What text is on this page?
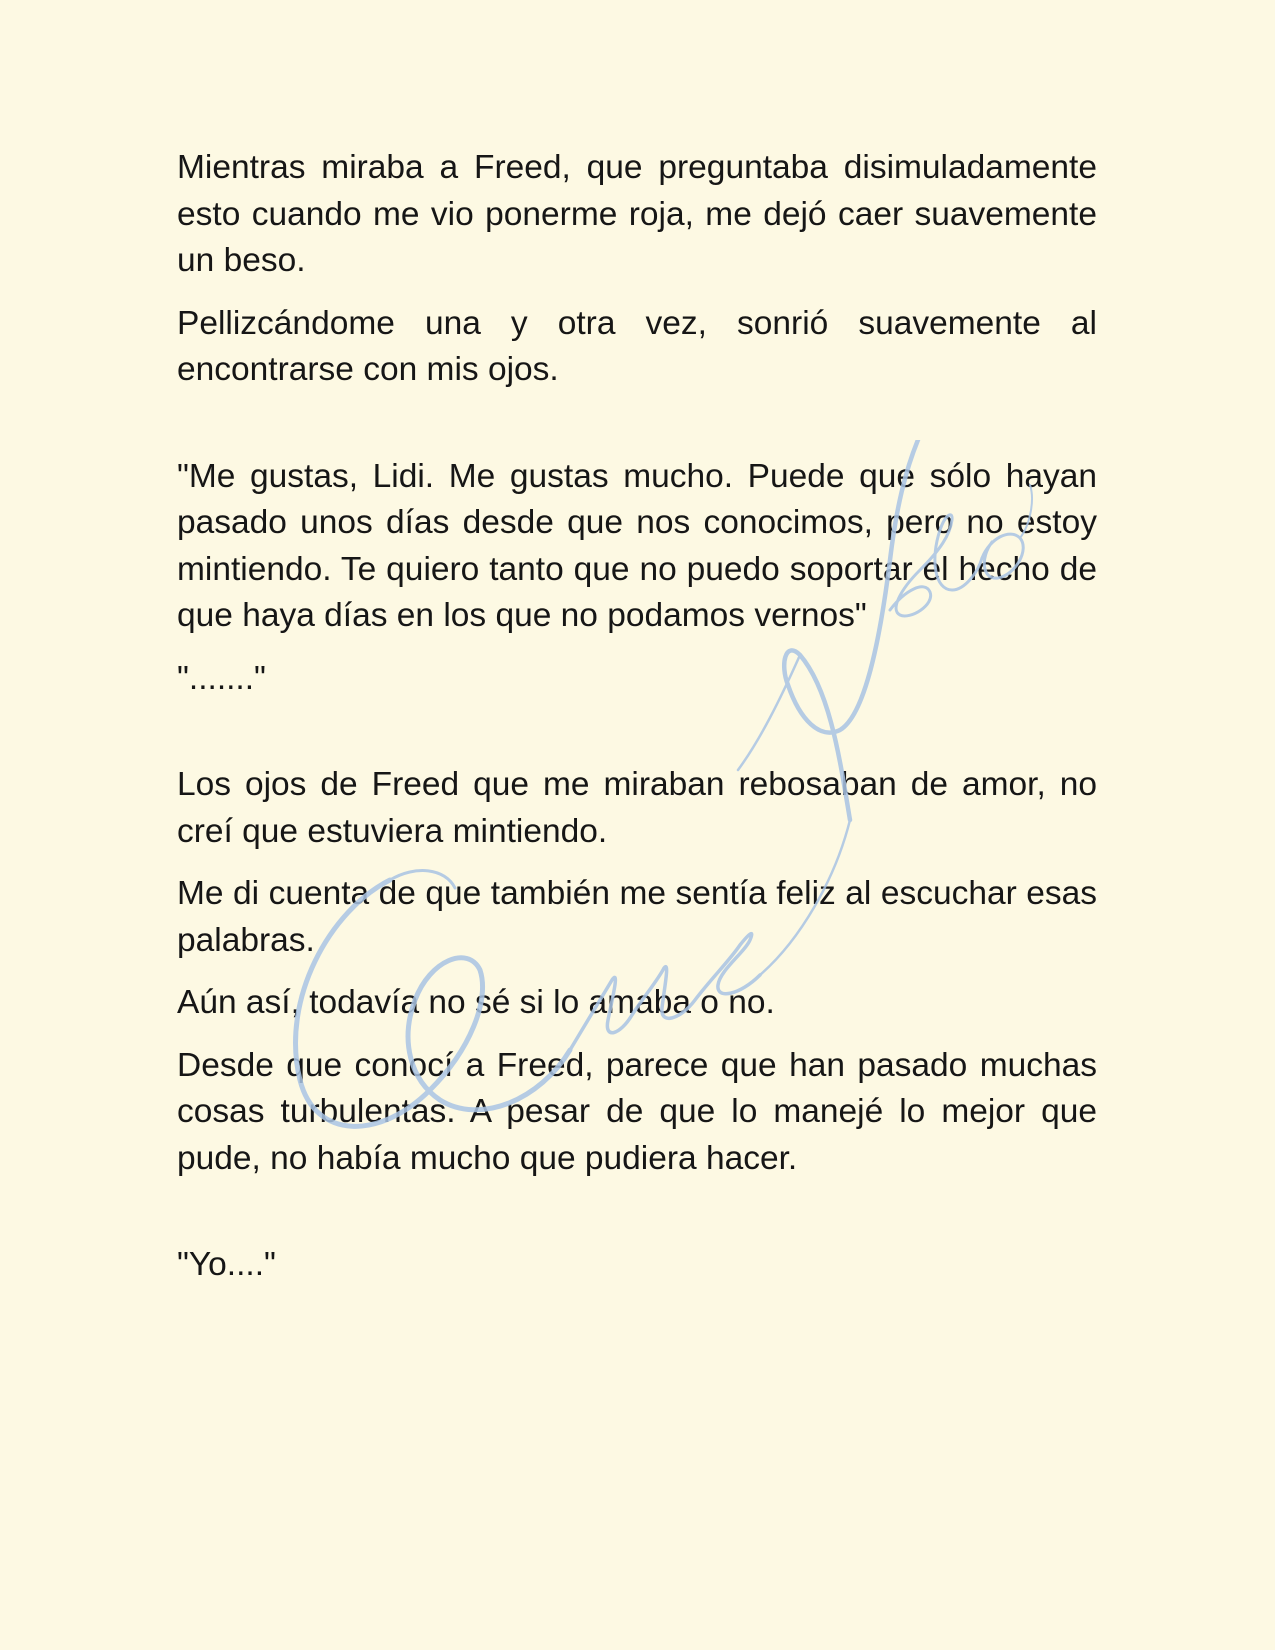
Mientras miraba a Freed, que preguntaba disimuladamente esto cuando me vio ponerme roja, me dejó caer suavemente un beso.

Pellizcándome una y otra vez, sonrió suavemente al encontrarse con mis ojos.

"Me gustas, Lidi. Me gustas mucho. Puede que sólo hayan pasado unos días desde que nos conocimos, pero no estoy mintiendo. Te quiero tanto que no puedo soportar el hecho de que haya días en los que no podamos vernos"

"......."

Los ojos de Freed que me miraban rebosaban de amor, no creí que estuviera mintiendo.

Me di cuenta de que también me sentía feliz al escuchar esas palabras.

Aún así, todavía no sé si lo amaba o no.

Desde que conocí a Freed, parece que han pasado muchas cosas turbulentas. A pesar de que lo manejé lo mejor que pude, no había mucho que pudiera hacer.

"Yo...."
